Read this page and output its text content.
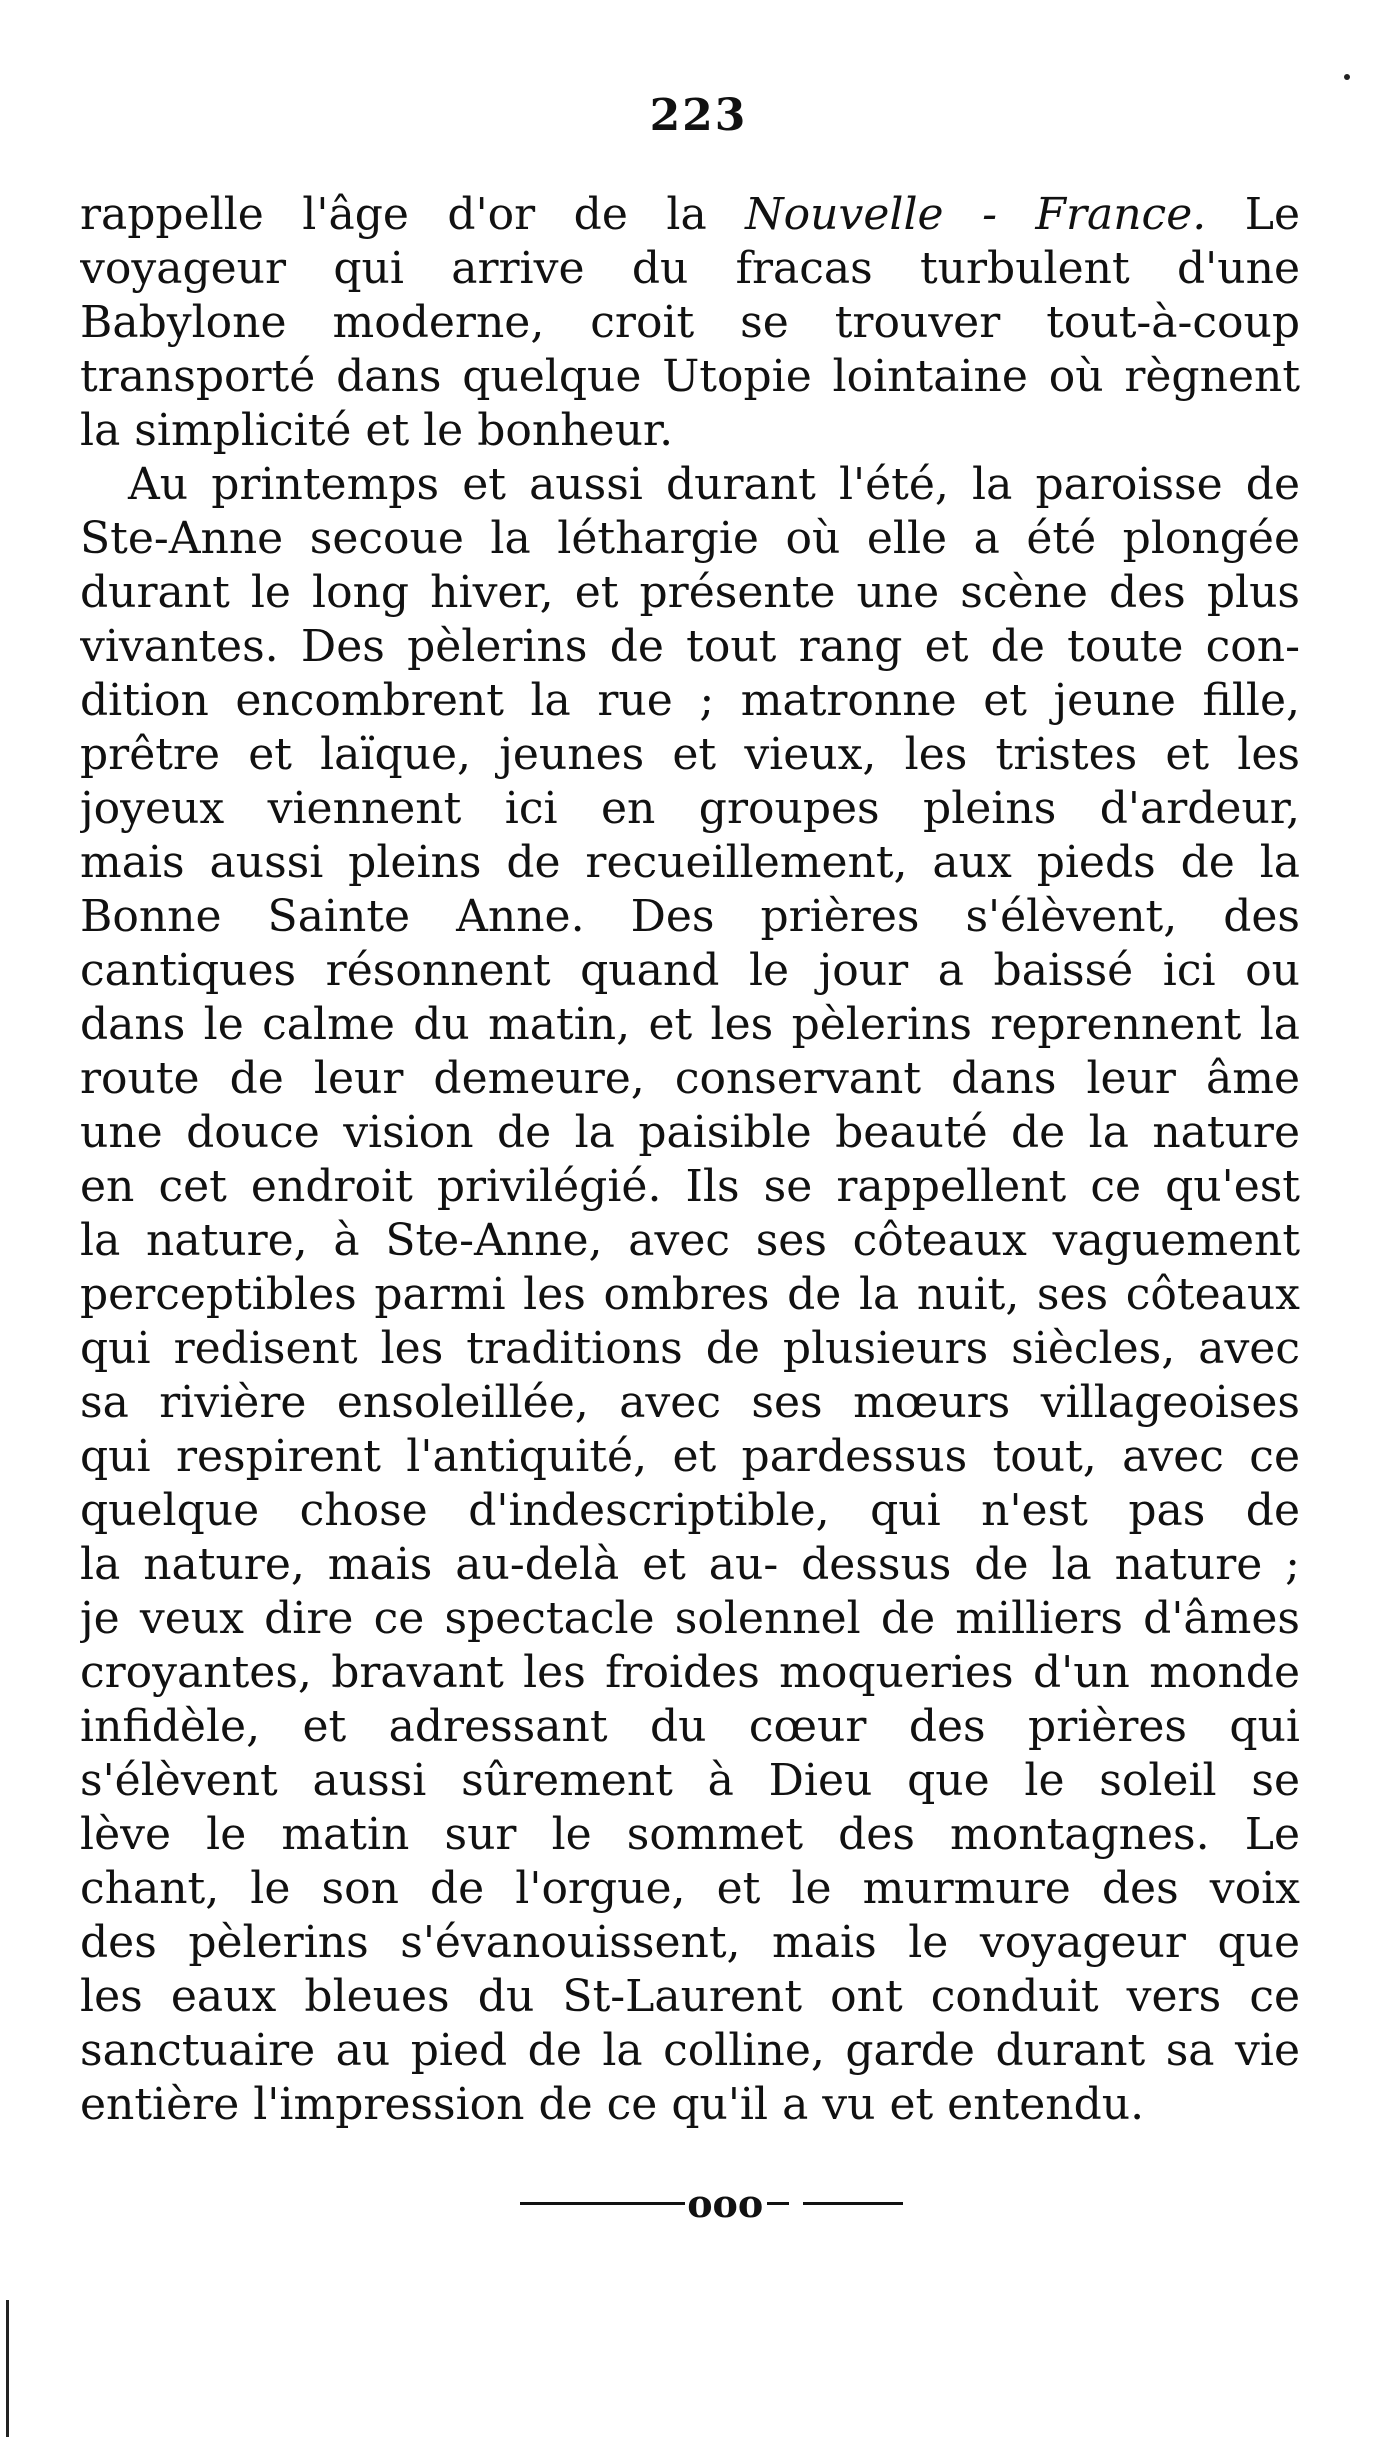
223
rappelle l'âge d'or de la Nouvelle - France. Le
voyageur qui arrive du fracas turbulent d'une
Babylone moderne, croit se trouver tout-à-coup
transporté dans quelque Utopie lointaine où règnent
la simplicité et le bonheur.
Au printemps et aussi durant l'été, la paroisse de
Ste-Anne secoue la léthargie où elle a été plongée
durant le long hiver, et présente une scène des plus
vivantes. Des pèlerins de tout rang et de toute con-
dition encombrent la rue ; matronne et jeune fille,
prêtre et laïque, jeunes et vieux, les tristes et les
joyeux viennent ici en groupes pleins d'ardeur,
mais aussi pleins de recueillement, aux pieds de la
Bonne Sainte Anne. Des prières s'élèvent, des
cantiques résonnent quand le jour a baissé ici ou
dans le calme du matin, et les pèlerins reprennent la
route de leur demeure, conservant dans leur âme
une douce vision de la paisible beauté de la nature
en cet endroit privilégié. Ils se rappellent ce qu'est
la nature, à Ste-Anne, avec ses côteaux vaguement
perceptibles parmi les ombres de la nuit, ses côteaux
qui redisent les traditions de plusieurs siècles, avec
sa rivière ensoleillée, avec ses mœurs villageoises
qui respirent l'antiquité, et pardessus tout, avec ce
quelque chose d'indescriptible, qui n'est pas de
la nature, mais au-delà et au- dessus de la nature ;
je veux dire ce spectacle solennel de milliers d'âmes
croyantes, bravant les froides moqueries d'un monde
infidèle, et adressant du cœur des prières qui
s'élèvent aussi sûrement à Dieu que le soleil se
lève le matin sur le sommet des montagnes. Le
chant, le son de l'orgue, et le murmure des voix
des pèlerins s'évanouissent, mais le voyageur que
les eaux bleues du St-Laurent ont conduit vers ce
sanctuaire au pied de la colline, garde durant sa vie
entière l'impression de ce qu'il a vu et entendu.

ooo
